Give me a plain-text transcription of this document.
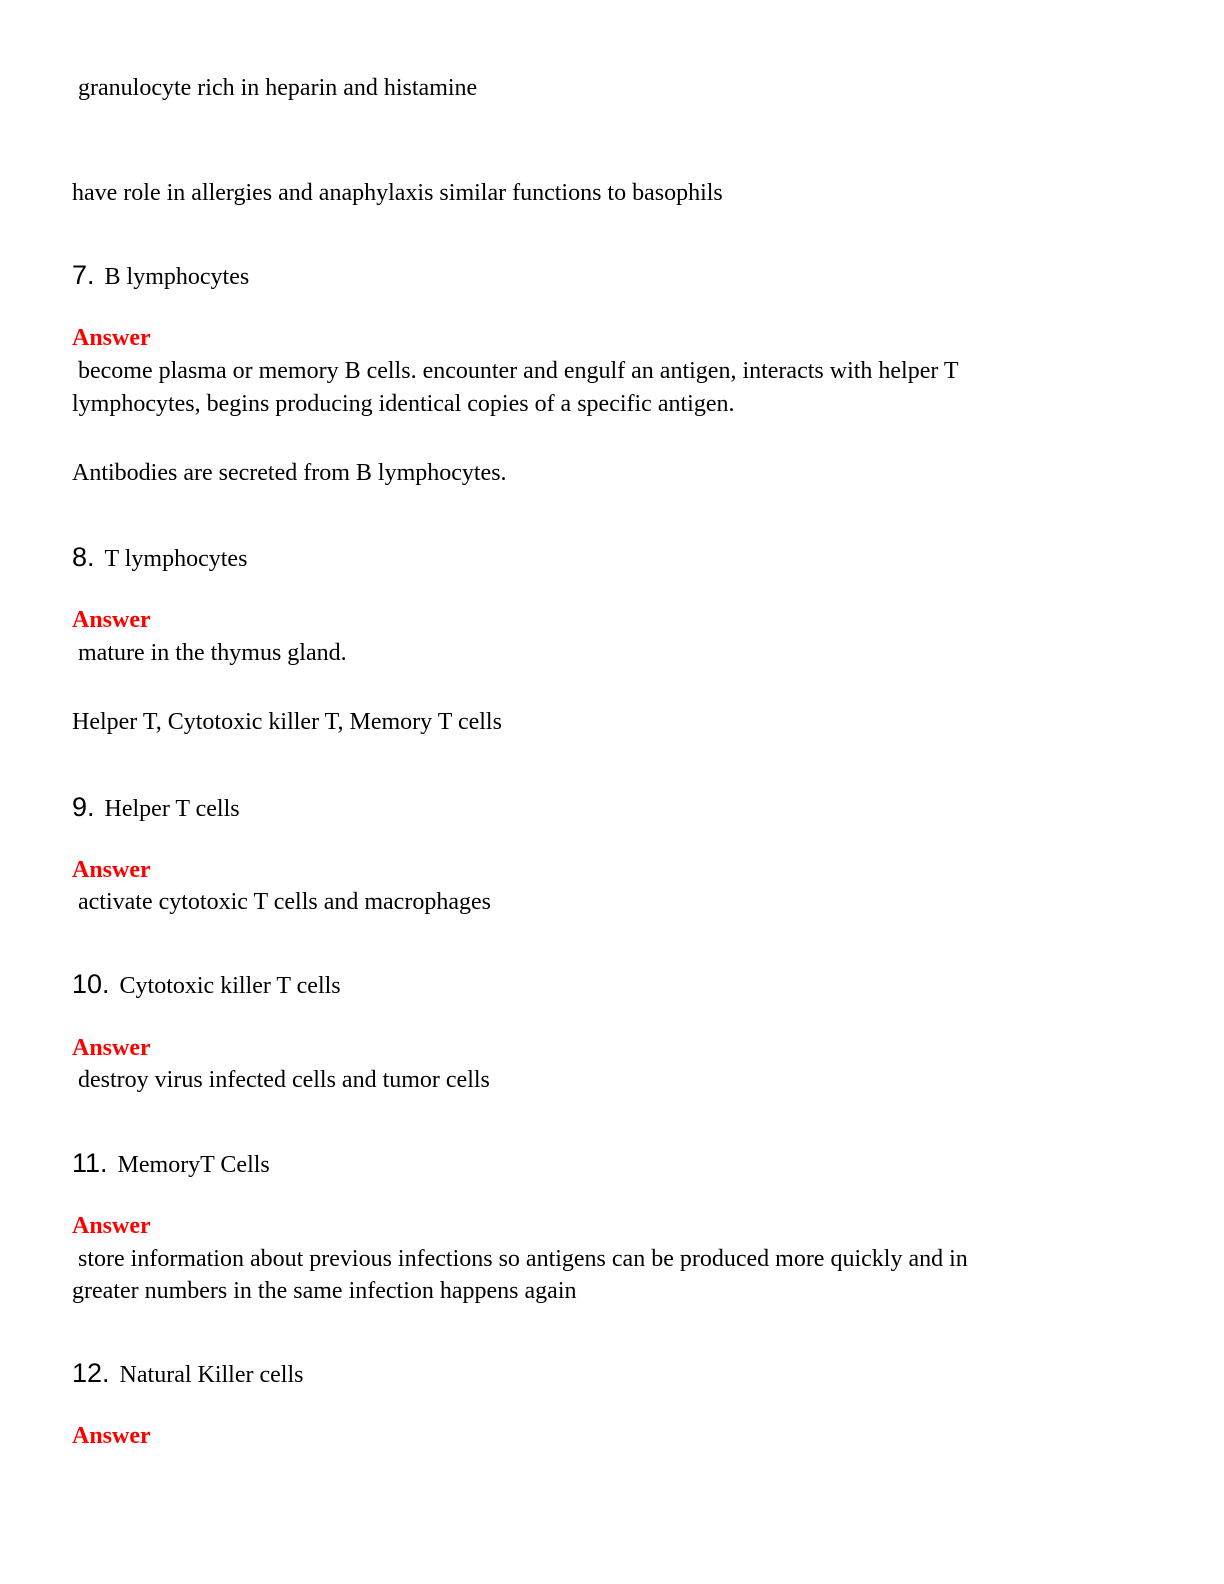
granulocyte rich in heparin and histamine

have role in allergies and anaphylaxis similar functions to basophils

7. B lymphocytes

Answer

become plasma or memory B cells. encounter and engulf an antigen, interacts with helper T

lymphocytes, begins producing identical copies of a specific antigen.

Antibodies are secreted from B lymphocytes.

8. T lymphocytes

Answer

mature in the thymus gland.

Helper T, Cytotoxic killer T, Memory T cells

9. Helper T cells

Answer

activate cytotoxic T cells and macrophages

10. Cytotoxic killer T cells

Answer

destroy virus infected cells and tumor cells

11. MemoryT Cells

Answer

store information about previous infections so antigens can be produced more quickly and in

greater numbers in the same infection happens again

12. Natural Killer cells

Answer
